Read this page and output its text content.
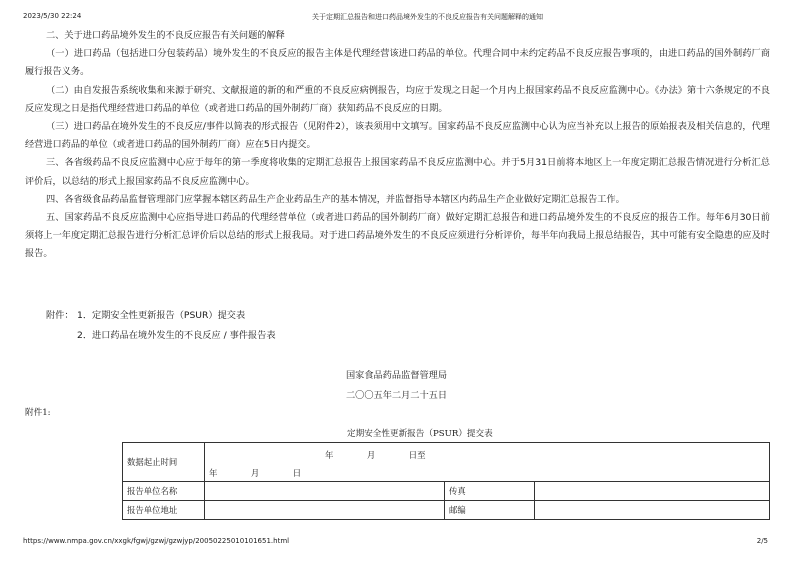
2023/5/30 22:24	关于定期汇总报告和进口药品境外发生的不良反应报告有关问题解释的通知

二、关于进口药品境外发生的不良反应报告有关问题的解释

（一）进口药品（包括进口分包装药品）境外发生的不良反应的报告主体是代理经营该进口药品的单位。代理合同中未约定药品不良反应报告事项的，由进口药品的国外制药厂商履行报告义务。

（二）由自发报告系统收集和来源于研究、文献报道的新的和严重的不良反应病例报告，均应于发现之日起一个月内上报国家药品不良反应监测中心。《办法》第十六条规定的不良反应发现之日是指代理经营进口药品的单位（或者进口药品的国外制药厂商）获知药品不良反应的日期。

（三）进口药品在境外发生的不良反应/事件以简表的形式报告（见附件2），该表须用中文填写。国家药品不良反应监测中心认为应当补充以上报告的原始报表及相关信息的，代理经营进口药品的单位（或者进口药品的国外制药厂商）应在5日内提交。

三、各省级药品不良反应监测中心应于每年的第一季度将收集的定期汇总报告上报国家药品不良反应监测中心。并于5月31日前将本地区上一年度定期汇总报告情况进行分析汇总评价后，以总结的形式上报国家药品不良反应监测中心。

四、各省级食品药品监督管理部门应掌握本辖区药品生产企业药品生产的基本情况，并监督指导本辖区内药品生产企业做好定期汇总报告工作。

五、国家药品不良反应监测中心应指导进口药品的代理经营单位（或者进口药品的国外制药厂商）做好定期汇总报告和进口药品境外发生的不良反应的报告工作。每年6月30日前须将上一年度定期汇总报告进行分析汇总评价后以总结的形式上报我局。对于进口药品境外发生的不良反应须进行分析评价，每半年向我局上报总结报告，其中可能有安全隐患的应及时报告。

附件： 1．定期安全性更新报告（PSUR）提交表
2．进口药品在境外发生的不良反应 / 事件报告表
国家食品药品监督管理局
二〇〇五年二月二十五日
附件1:
定期安全性更新报告（PSUR）提交表
数据起止时间	年　　　　月　　　　日至
年　　　　月　　　　日		

报告单位名称		传真	
报告单位地址		邮编	
https://www.nmpa.gov.cn/xxgk/fgwj/gzwj/gzwjyp/20050225010101651.html	2/5
